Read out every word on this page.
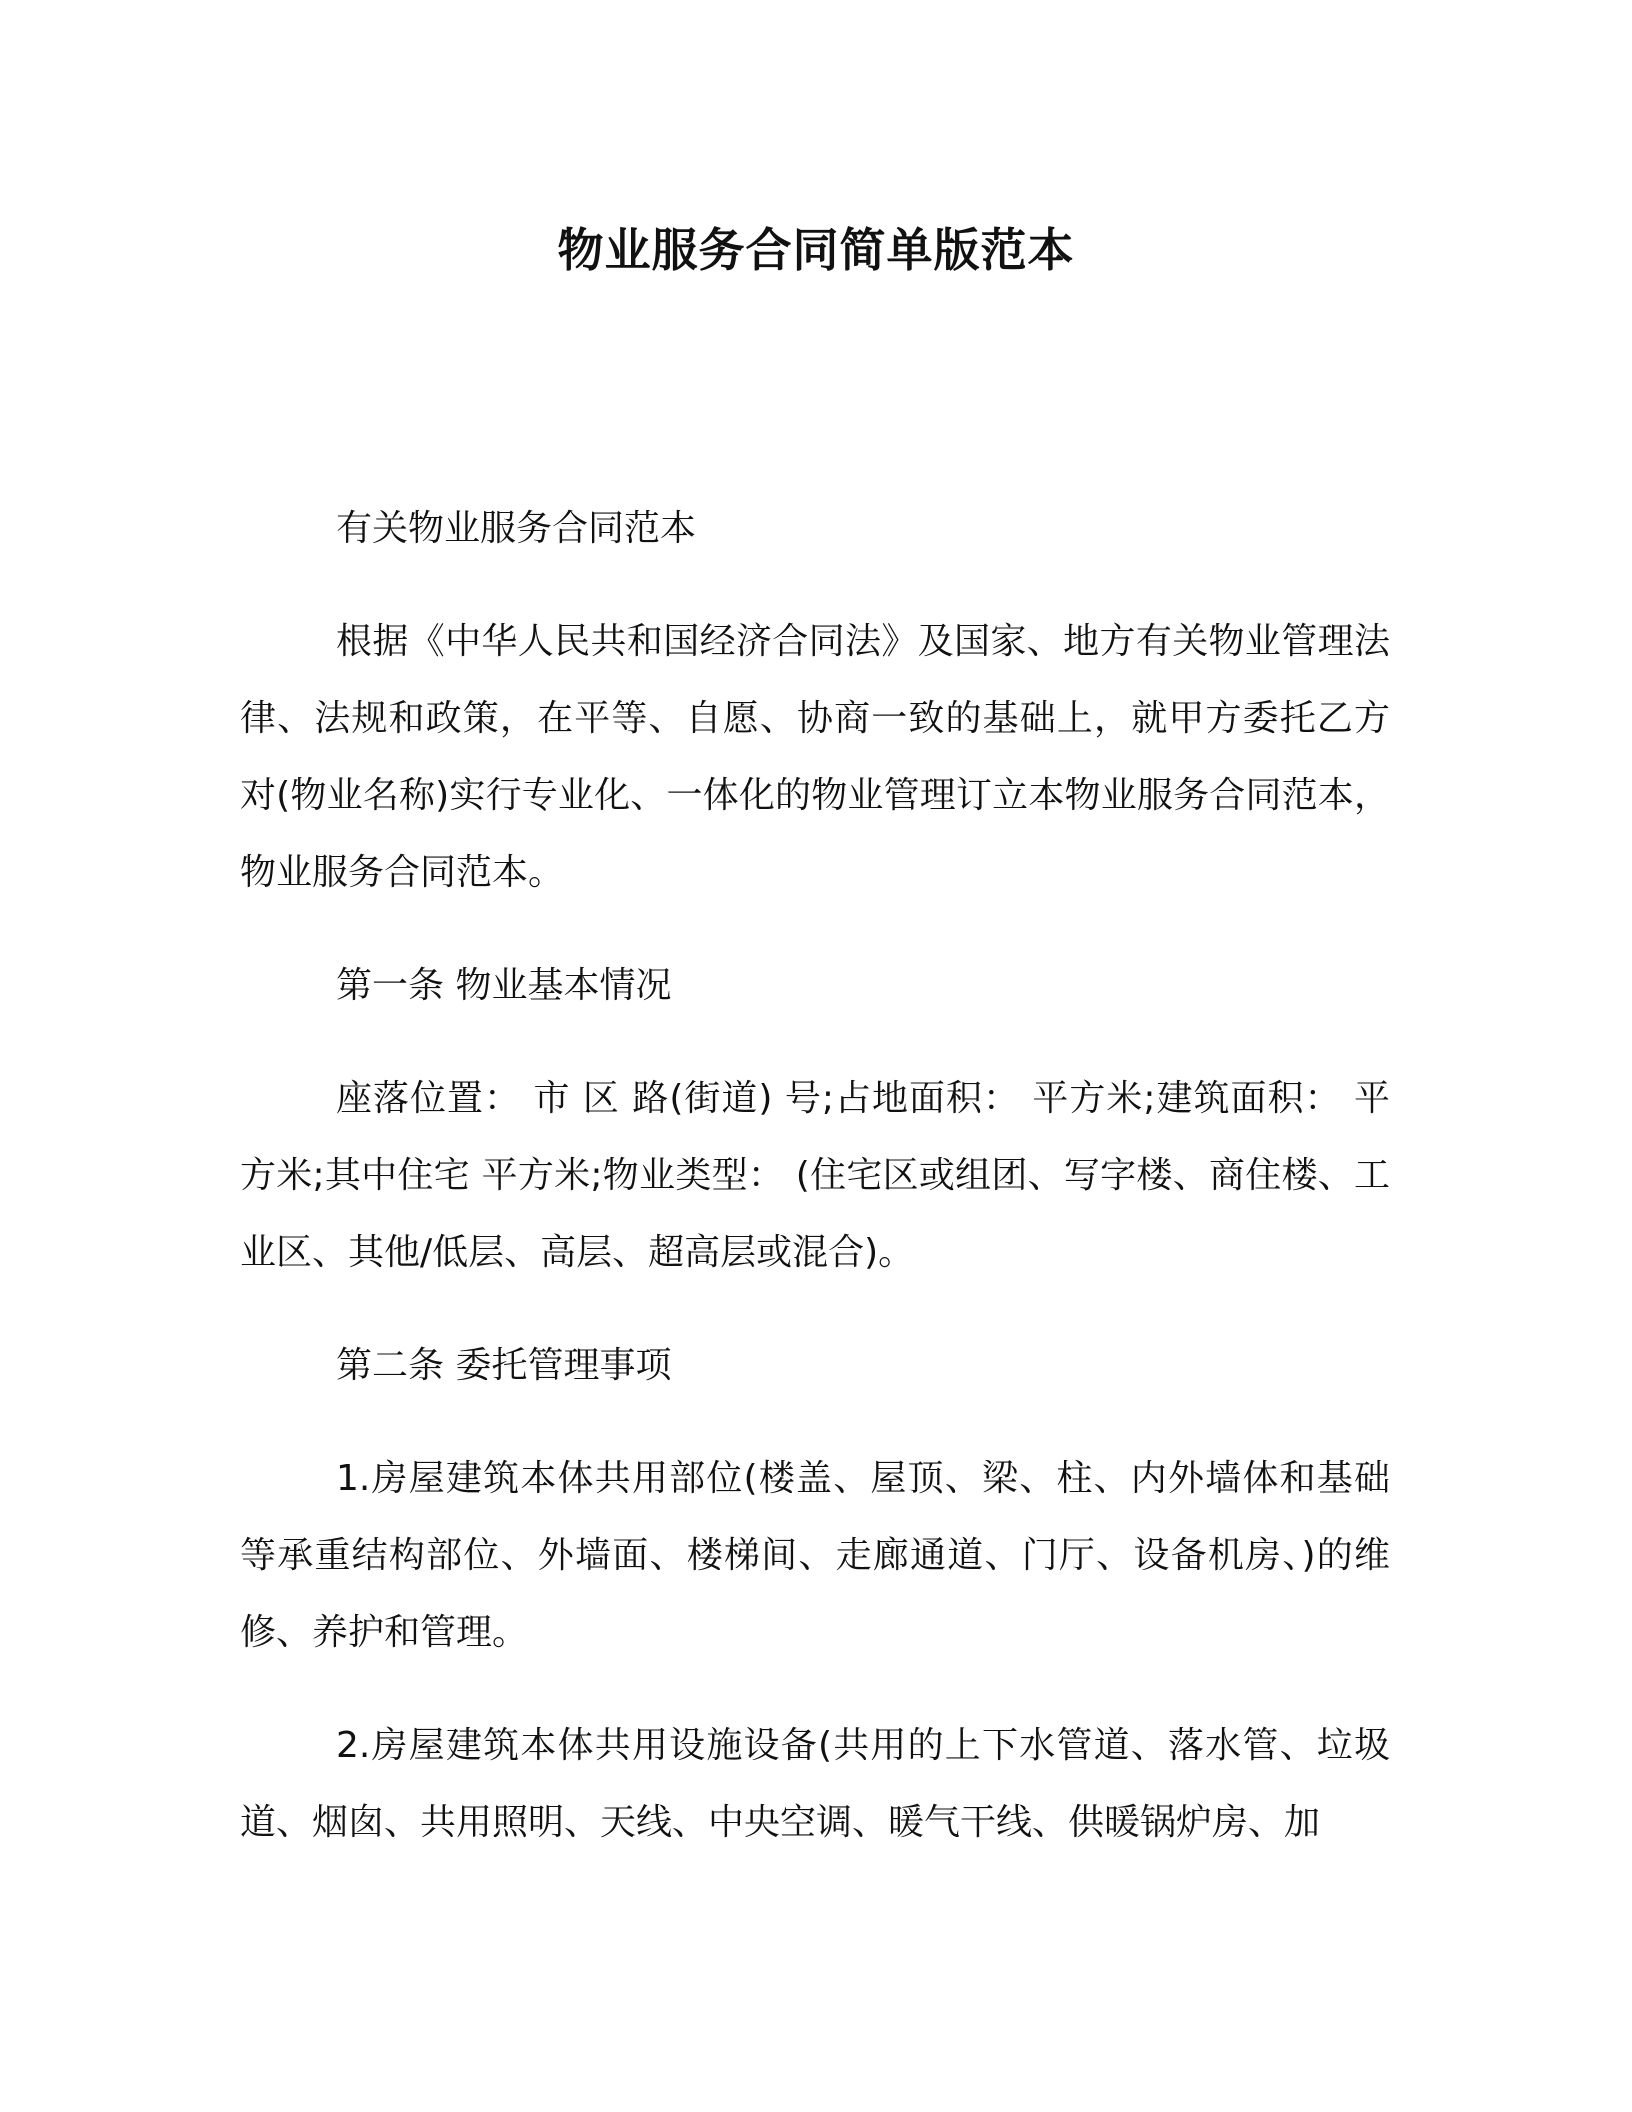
物业服务合同简单版范本

有关物业服务合同范本

根据《中华人民共和国经济合同法》及国家、地方有关物业管理法律、法规和政策，在平等、自愿、协商一致的基础上，就甲方委托乙方对(物业名称)实行专业化、一体化的物业管理订立本物业服务合同范本，物业服务合同范本。

第一条 物业基本情况

座落位置： 市 区 路(街道) 号;占地面积： 平方米;建筑面积： 平方米;其中住宅 平方米;物业类型： (住宅区或组团、写字楼、商住楼、工业区、其他/低层、高层、超高层或混合)。

第二条 委托管理事项

1.房屋建筑本体共用部位(楼盖、屋顶、梁、柱、内外墙体和基础等承重结构部位、外墙面、楼梯间、走廊通道、门厅、设备机房、)的维修、养护和管理。

2.房屋建筑本体共用设施设备(共用的上下水管道、落水管、垃圾道、烟囱、共用照明、天线、中央空调、暖气干线、供暖锅炉房、加
